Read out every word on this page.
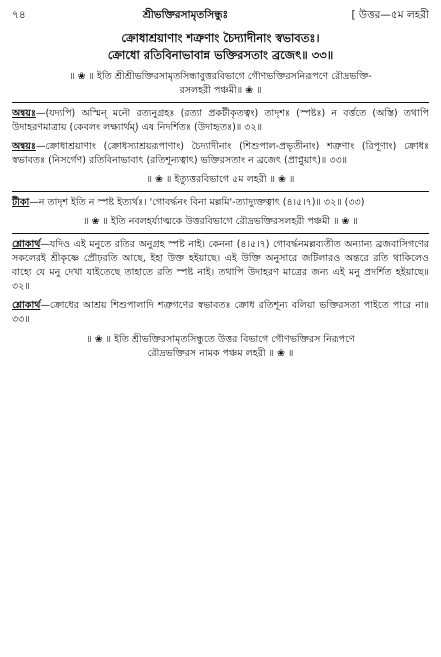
৭৪	শ্রীভক্তিরসামৃতসিন্ধুঃ	[ উত্তর—৫ম লহরী
ক্রোধাশ্রয়াণাং শত্রুণাং চৈদ্যাদীনাং স্বভাবতঃ।
ক্রোধো রতিবিনাভাবান্ন ভক্তিরসতাং ব্রজেৎ॥ ৩৩॥
॥ ❀ ॥ ইতি শ্রীশ্রীভক্তিরসামৃতসিন্ধাবুত্তরবিভাগে গৌণভক্তিরসনিরূপণে রৌদ্রভক্তি-
রসলহরী পঞ্চমী॥ ❀ ॥

অন্বয়ঃ—(যদ্যপি) অস্মিন্ মনৌ রত্যনুগ্রহঃ (রত্যা প্রকটীকৃতত্বং) তাদৃশঃ (স্পষ্টঃ) ন বর্ত্ততে (অস্তি) তথাপি উদাহরণমাত্রায় (কেবলং লক্ষ্যার্থম্) এষ নিদর্শিতঃ (উদাহৃতঃ)॥ ৩২॥

অন্বয়ঃ—ক্রোধাশ্রয়াণাং (ক্রোধস্যাশ্রয়রূপাণাং) চৈদ্যাদীনাং (শিশুপাল-প্রভৃতীনাং) শত্রুণাং (রিপূণাং) ক্রোধঃ স্বভাবতঃ (নিসর্গেণ) রতিবিনাভাবাৎ (রতিশূন্যত্বাৎ) ভক্তিরসতাং ন ব্রজেৎ (প্রাপ্নুয়াৎ)॥ ৩৩॥

॥ ❀ ॥ ইত্যুত্তরবিভাগে ৫ম লহরী ॥ ❀ ॥

টীকা—ন তাদৃশ ইতি ন স্পষ্ট ইত্যর্থঃ। 'গোবর্দ্ধনং বিনা মল্লমি'-ত্যাদ্যুক্তত্বাৎ (৪।৫।৭)॥ ৩২॥ (৩৩)

॥ ❀ ॥ ইতি নবলহর্য্যাত্মকে উত্তরবিভাগে রৌদ্রভক্তিরসলহরী পঞ্চমী ॥ ❀ ॥

শ্লোকার্থ—যদিও এই মনুতে রতির অনুগ্রহ স্পষ্ট নাই। কেননা (৪।৫।৭) গোবর্দ্ধনমল্লব্যতীত অন্যান্য ব্রজবাসিগণের সকলেরই শ্রীকৃষ্ণে প্রৌঢ়রতি আছে, ইহা উক্ত হইয়াছে। এই উক্তি অনুসারে জটিলারও অন্তরে রতি থাকিলেও বাহ্যে যে মনু দেখা যাইতেছে তাহাতে রতি স্পষ্ট নাই। তথাপি উদাহরণ মাত্রের জন্য এই মনু প্রদর্শিত হইয়াছে॥ ৩২॥

শ্লোকার্থ—ক্রোধের আশ্রয় শিশুপালাদি শত্রুগণের স্বভাবতঃ ক্রোধ রতিশূন্য বলিয়া ভক্তিরসতা পাইতে পারে না॥ ৩৩॥

॥ ❀ ॥ ইতি শ্রীভক্তিরসামৃতসিন্ধুতে উত্তর বিভাগে গৌণভক্তিরস নিরূপণে
রৌদ্রভক্তিরস নামক পঞ্চম লহরী ॥ ❀ ॥
